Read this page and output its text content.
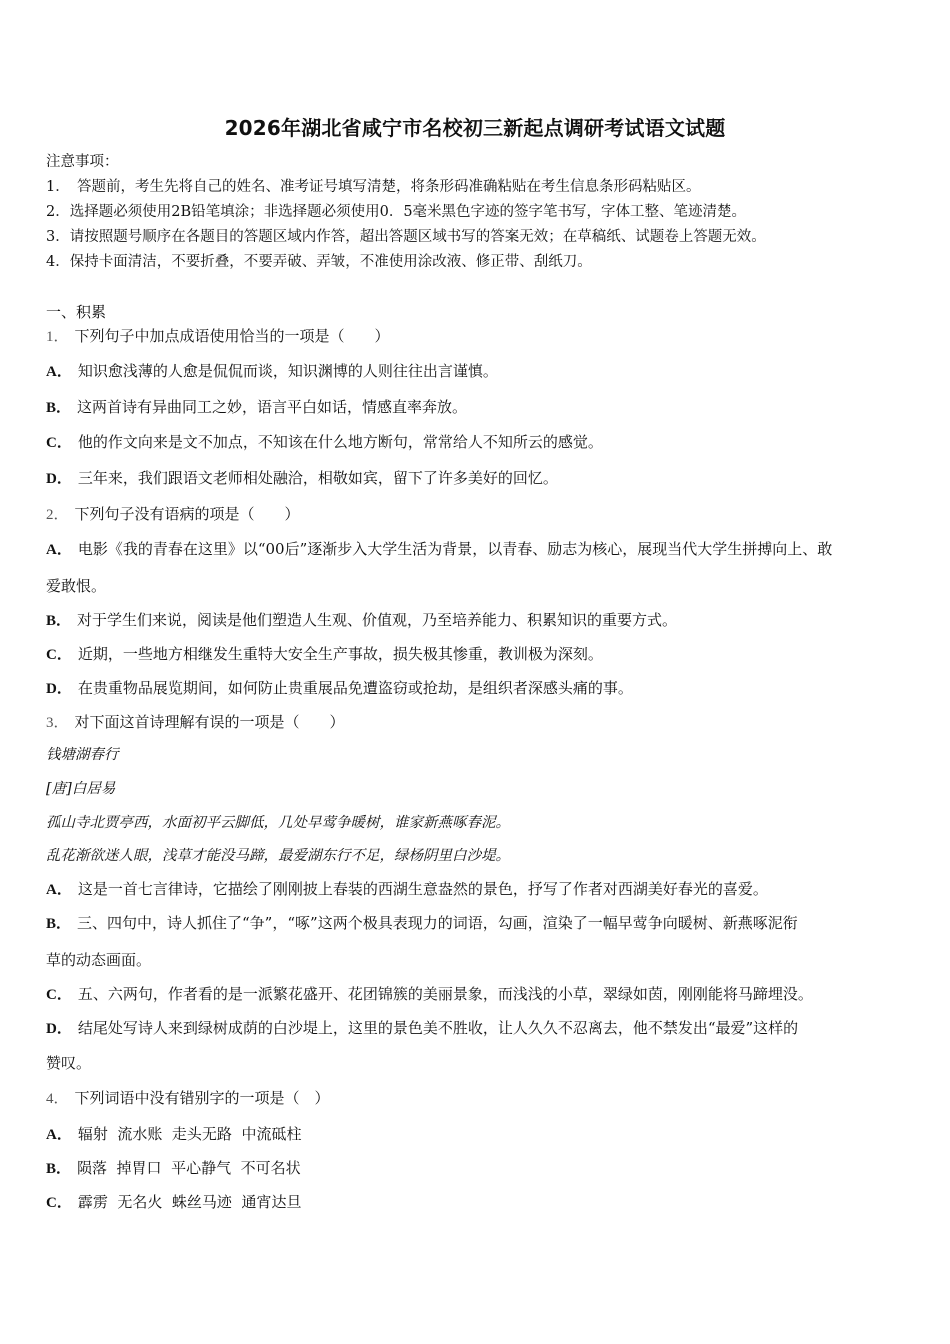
2026年湖北省咸宁市名校初三新起点调研考试语文试题
注意事项：
1．　答题前，考生先将自己的姓名、准考证号填写清楚，将条形码准确粘贴在考生信息条形码粘贴区。
2．选择题必须使用2B铅笔填涂；非选择题必须使用0．5毫米黑色字迹的签字笔书写，字体工整、笔迹清楚。
3．请按照题号顺序在各题目的答题区域内作答，超出答题区域书写的答案无效；在草稿纸、试题卷上答题无效。
4．保持卡面清洁，不要折叠，不要弄破、弄皱，不准使用涂改液、修正带、刮纸刀。
一、积累
1． 下列句子中加点成语使用恰当的一项是（　　）
A． 知识愈浅薄的人愈是侃侃而谈，知识渊博的人则往往出言谨慎。
B． 这两首诗有异曲同工之妙，语言平白如话，情感直率奔放。
C． 他的作文向来是文不加点，不知该在什么地方断句，常常给人不知所云的感觉。
D． 三年来，我们跟语文老师相处融洽，相敬如宾，留下了许多美好的回忆。
2． 下列句子没有语病的项是（　　）
A． 电影《我的青春在这里》以“00后”逐渐步入大学生活为背景，以青春、励志为核心，展现当代大学生拼搏向上、敢
爱敢恨。
B． 对于学生们来说，阅读是他们塑造人生观、价值观，乃至培养能力、积累知识的重要方式。
C． 近期，一些地方相继发生重特大安全生产事故，损失极其惨重，教训极为深刻。
D． 在贵重物品展览期间，如何防止贵重展品免遭盗窃或抢劫，是组织者深感头痛的事。
3． 对下面这首诗理解有误的一项是（　　）
钱塘湖春行
[唐]白居易
孤山寺北贾亭西，水面初平云脚低，几处早莺争暖树，谁家新燕啄春泥。
乱花渐欲迷人眼，浅草才能没马蹄，最爱湖东行不足，绿杨阴里白沙堤。
A． 这是一首七言律诗，它描绘了刚刚披上春装的西湖生意盎然的景色，抒写了作者对西湖美好春光的喜爱。
B． 三、四句中，诗人抓住了“争”，“啄”这两个极具表现力的词语，勾画，渲染了一幅早莺争向暖树、新燕啄泥衔
草的动态画面。
C． 五、六两句，作者看的是一派繁花盛开、花团锦簇的美丽景象，而浅浅的小草，翠绿如茵，刚刚能将马蹄埋没。
D． 结尾处写诗人来到绿树成荫的白沙堤上，这里的景色美不胜收，让人久久不忍离去，他不禁发出“最爱”这样的
赞叹。
4． 下列词语中没有错别字的一项是（　）
A． 辐射  流水账  走头无路  中流砥柱
B． 陨落  掉胃口  平心静气  不可名状
C． 霹雳  无名火  蛛丝马迹  通宵达旦
